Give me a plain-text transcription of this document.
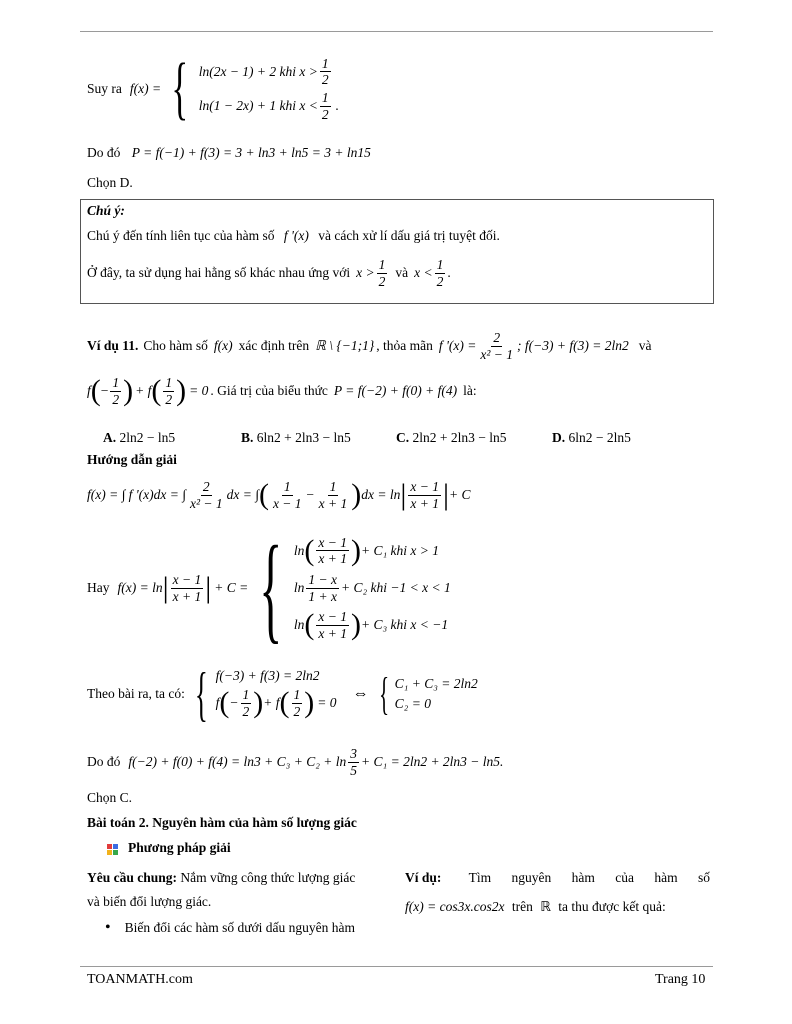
Suy ra f(x) = { ln(2x − 1) + 2 khi $x > \frac{1}{2}$
ln(1 − 2x) + 1 khi $x < \frac{1}{2}$ .
Do đó P = f(−1) + f(3) = 3 + ln3 + ln5 = 3 + ln15
Chọn D.
Chú ý:
Chú ý đến tính liên tục của hàm số f '(x) và cách xử lí dấu giá trị tuyệt đối.
Ở đây, ta sử dụng hai hằng số khác nhau ứng với $x > \frac{1}{2}$ và $x < \frac{1}{2}$ .
Ví dụ 11. Cho hàm số f(x) xác định trên ℝ \ {−1;1} , thỏa mãn f '$(x) = \frac{2}{\text{x² − 1}}$ ; f(−3) + f(3) = 2ln2 và
f ( − $\frac{1}{2}$ ) + f ( $\frac{1}{2}$ ) = 0 . Giá trị của biểu thức P = f(−2) + f(0) + f(4) là:
A. 2ln2 − ln5	B. 6ln2 + 2ln3 − ln5	C. 2ln2 + 2ln3 − ln5	D. 6ln2 − 2ln5
Hướng dẫn giải
f(x) = ∫ f '(x)dx = ∫ $\frac{2}{\text{x² − 1}}$ dx = ∫ ( $\frac{1}{x - 1} - \frac{1}{x + 1}$ ) dx = ln | $\frac{x - 1}{x + 1}$ | + C
Hay f(x) = ln | $\frac{x - 1}{x + 1}$ | + C = { ln ( $\frac{x - 1}{x + 1}$ ) + C₁ khi x > 1
$\ln \frac{1 - x}{1 + x} + C_2$ khi −1 < x < 1
ln ( $\frac{x - 1}{x + 1}$ ) + C₃ khi x < −1
Theo bài ra, ta có: { f(−3) + f(3) = 2ln2
f ( − $\frac{1}{2}$ ) + f ( $\frac{1}{2}$ ) = 0
⇔ { C₁ + C₃ = 2ln2
C₂ = 0
Do đó $f(-2) + f(0) + f(4) = \ln 3 + C_3 + C_2 + \ln \frac{3}{5} + C_1 = 2\ln 2 + 2\ln 3 - \ln 5$.
Chọn C.
Bài toán 2. Nguyên hàm của hàm số lượng giác
Phương pháp giải
Yêu cầu chung: Nắm vững công thức lượng giác
và biến đổi lượng giác.
• Biến đổi các hàm số dưới dấu nguyên hàm
Ví dụ: Tìm nguyên hàm của hàm số
f(x) = cos3x.cos2x trên ℝ ta thu được kết quả:
TOANMATH.com	Trang 10
